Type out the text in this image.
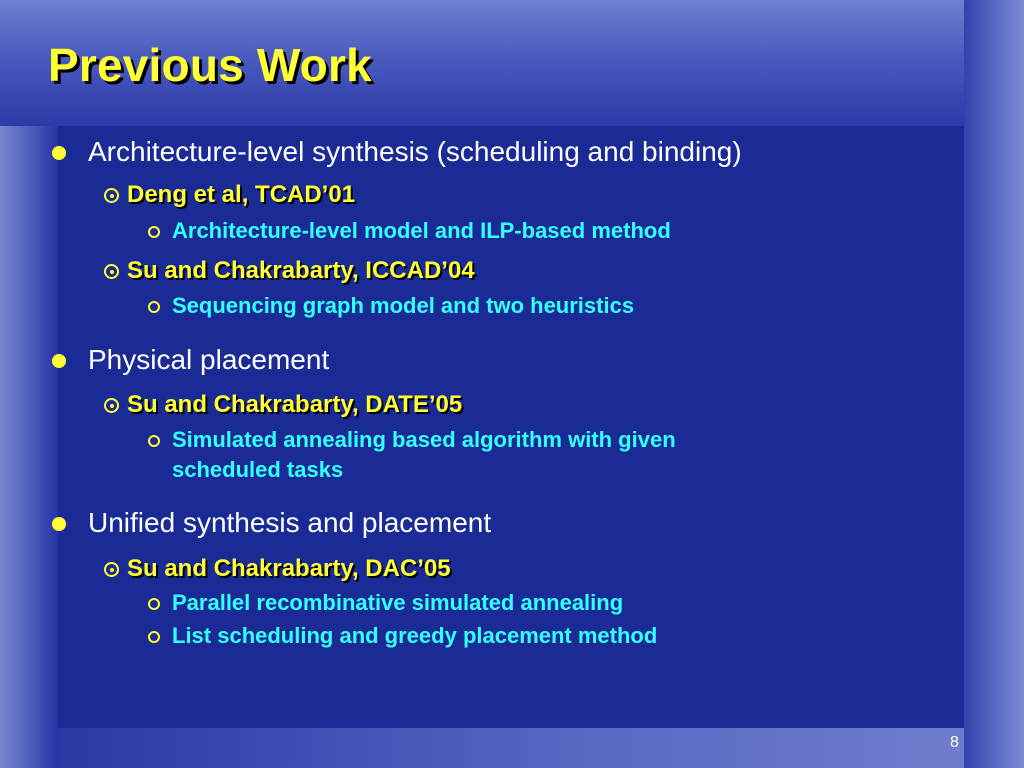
Previous Work
Architecture-level synthesis (scheduling and binding)
Deng et al, TCAD’01
Architecture-level model and ILP-based method
Su and Chakrabarty, ICCAD’04
Sequencing graph model and two heuristics
Physical placement
Su and Chakrabarty, DATE’05
Simulated annealing based algorithm with given
scheduled tasks
Unified synthesis and placement
Su and Chakrabarty, DAC’05
Parallel recombinative simulated annealing
List scheduling and greedy placement method
8
